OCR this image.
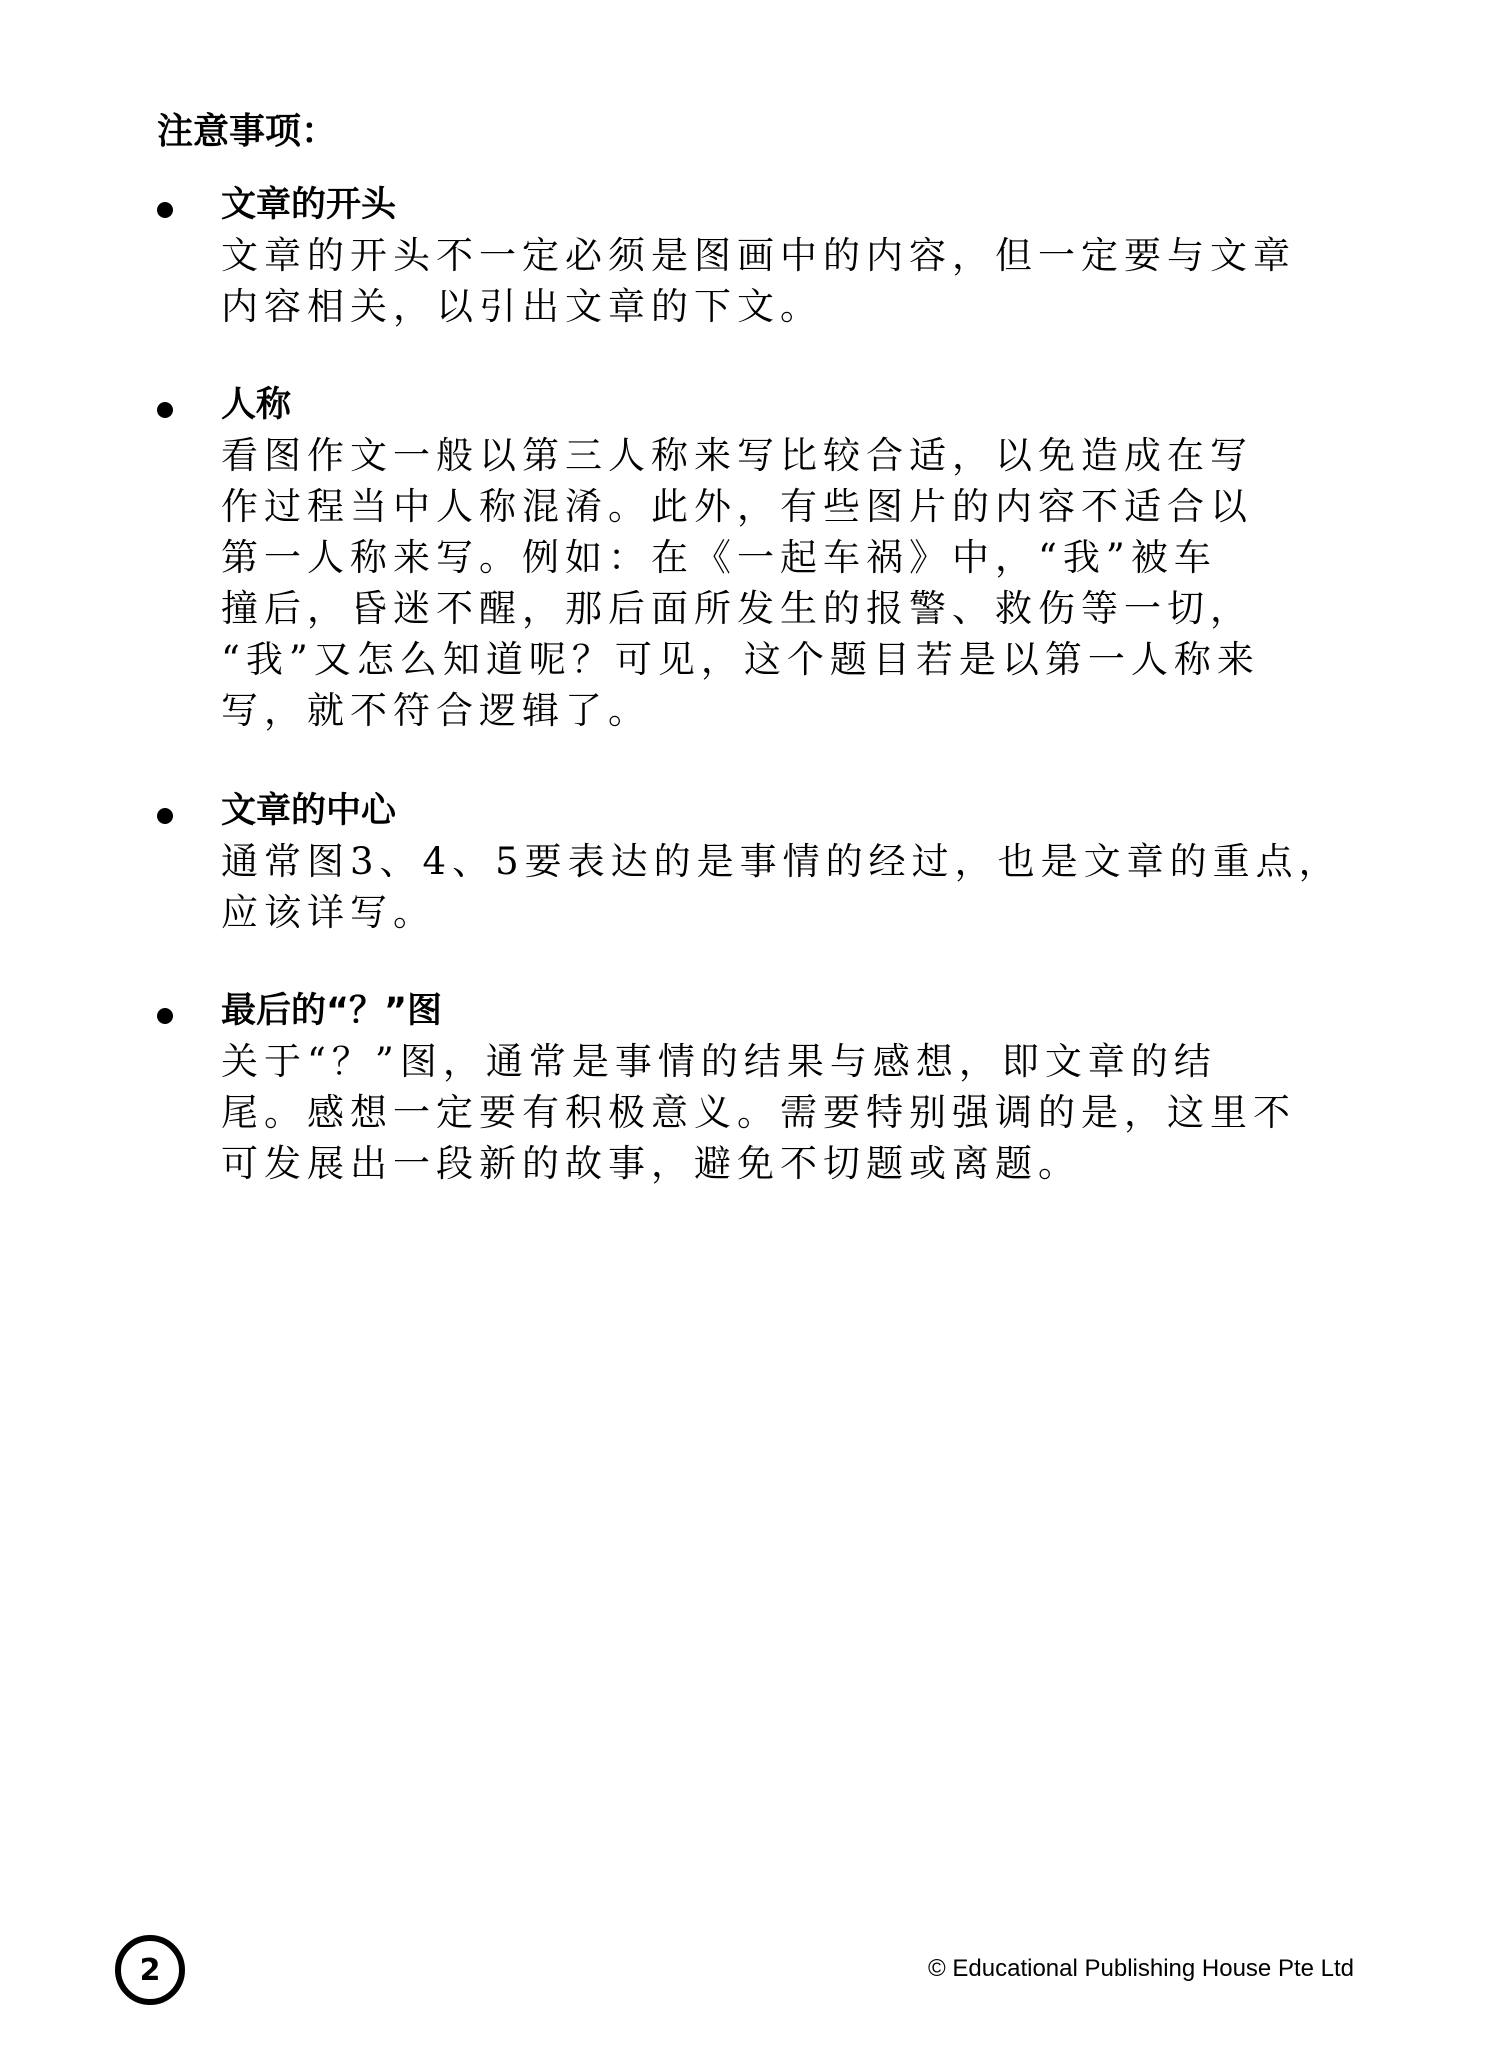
注意事项：
文章的开头
文章的开头不一定必须是图画中的内容，但一定要与文章
内容相关，以引出文章的下文。
人称
看图作文一般以第三人称来写比较合适，以免造成在写
作过程当中人称混淆。此外，有些图片的内容不适合以
第一人称来写。例如：在《一起车祸》中，“我”被车
撞后，昏迷不醒，那后面所发生的报警、救伤等一切，
“我”又怎么知道呢？可见，这个题目若是以第一人称来
写，就不符合逻辑了。
文章的中心
通常图3、4、5要表达的是事情的经过，也是文章的重点，
应该详写。
最后的“？”图
关于“？”图，通常是事情的结果与感想，即文章的结
尾。感想一定要有积极意义。需要特别强调的是，这里不
可发展出一段新的故事，避免不切题或离题。
2	© Educational Publishing House Pte Ltd
